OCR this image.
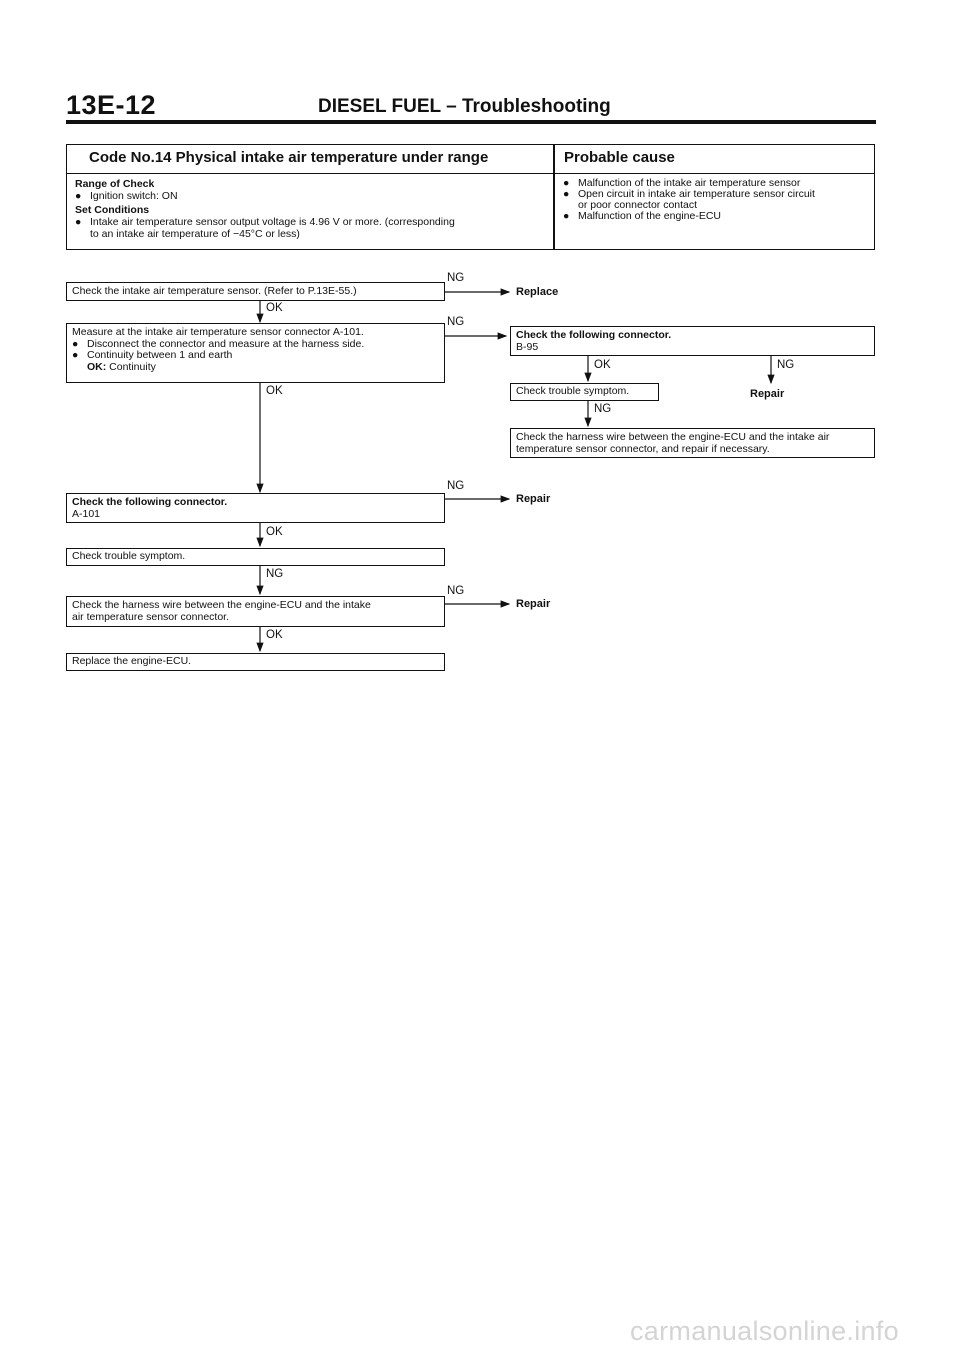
13E-12	DIESEL FUEL – Troubleshooting
Code No.14 Physical intake air temperature under range	Probable cause
Range of Check
● Ignition switch: ON
Set Conditions
● Intake air temperature sensor output voltage is 4.96 V or more. (corresponding
to an intake air temperature of −45°C or less)
● Malfunction of the intake air temperature sensor
● Open circuit in intake air temperature sensor circuit
or poor connector contact
● Malfunction of the engine-ECU
Check the intake air temperature sensor. (Refer to P.13E-55.)
NG
Replace
OK
Measure at the intake air temperature sensor connector A-101.
● Disconnect the connector and measure at the harness side.
● Continuity between 1 and earth
OK: Continuity
NG
OK
Check the following connector.
B-95
OK	NG
Check trouble symptom.	Repair
NG
Check the harness wire between the engine-ECU and the intake air temperature sensor connector, and repair if necessary.
Check the following connector.
A-101
NG
Repair
OK
Check trouble symptom.
NG
Check the harness wire between the engine-ECU and the intake
air temperature sensor connector.
NG
Repair
OK
Replace the engine-ECU.
carmanualsonline.info
